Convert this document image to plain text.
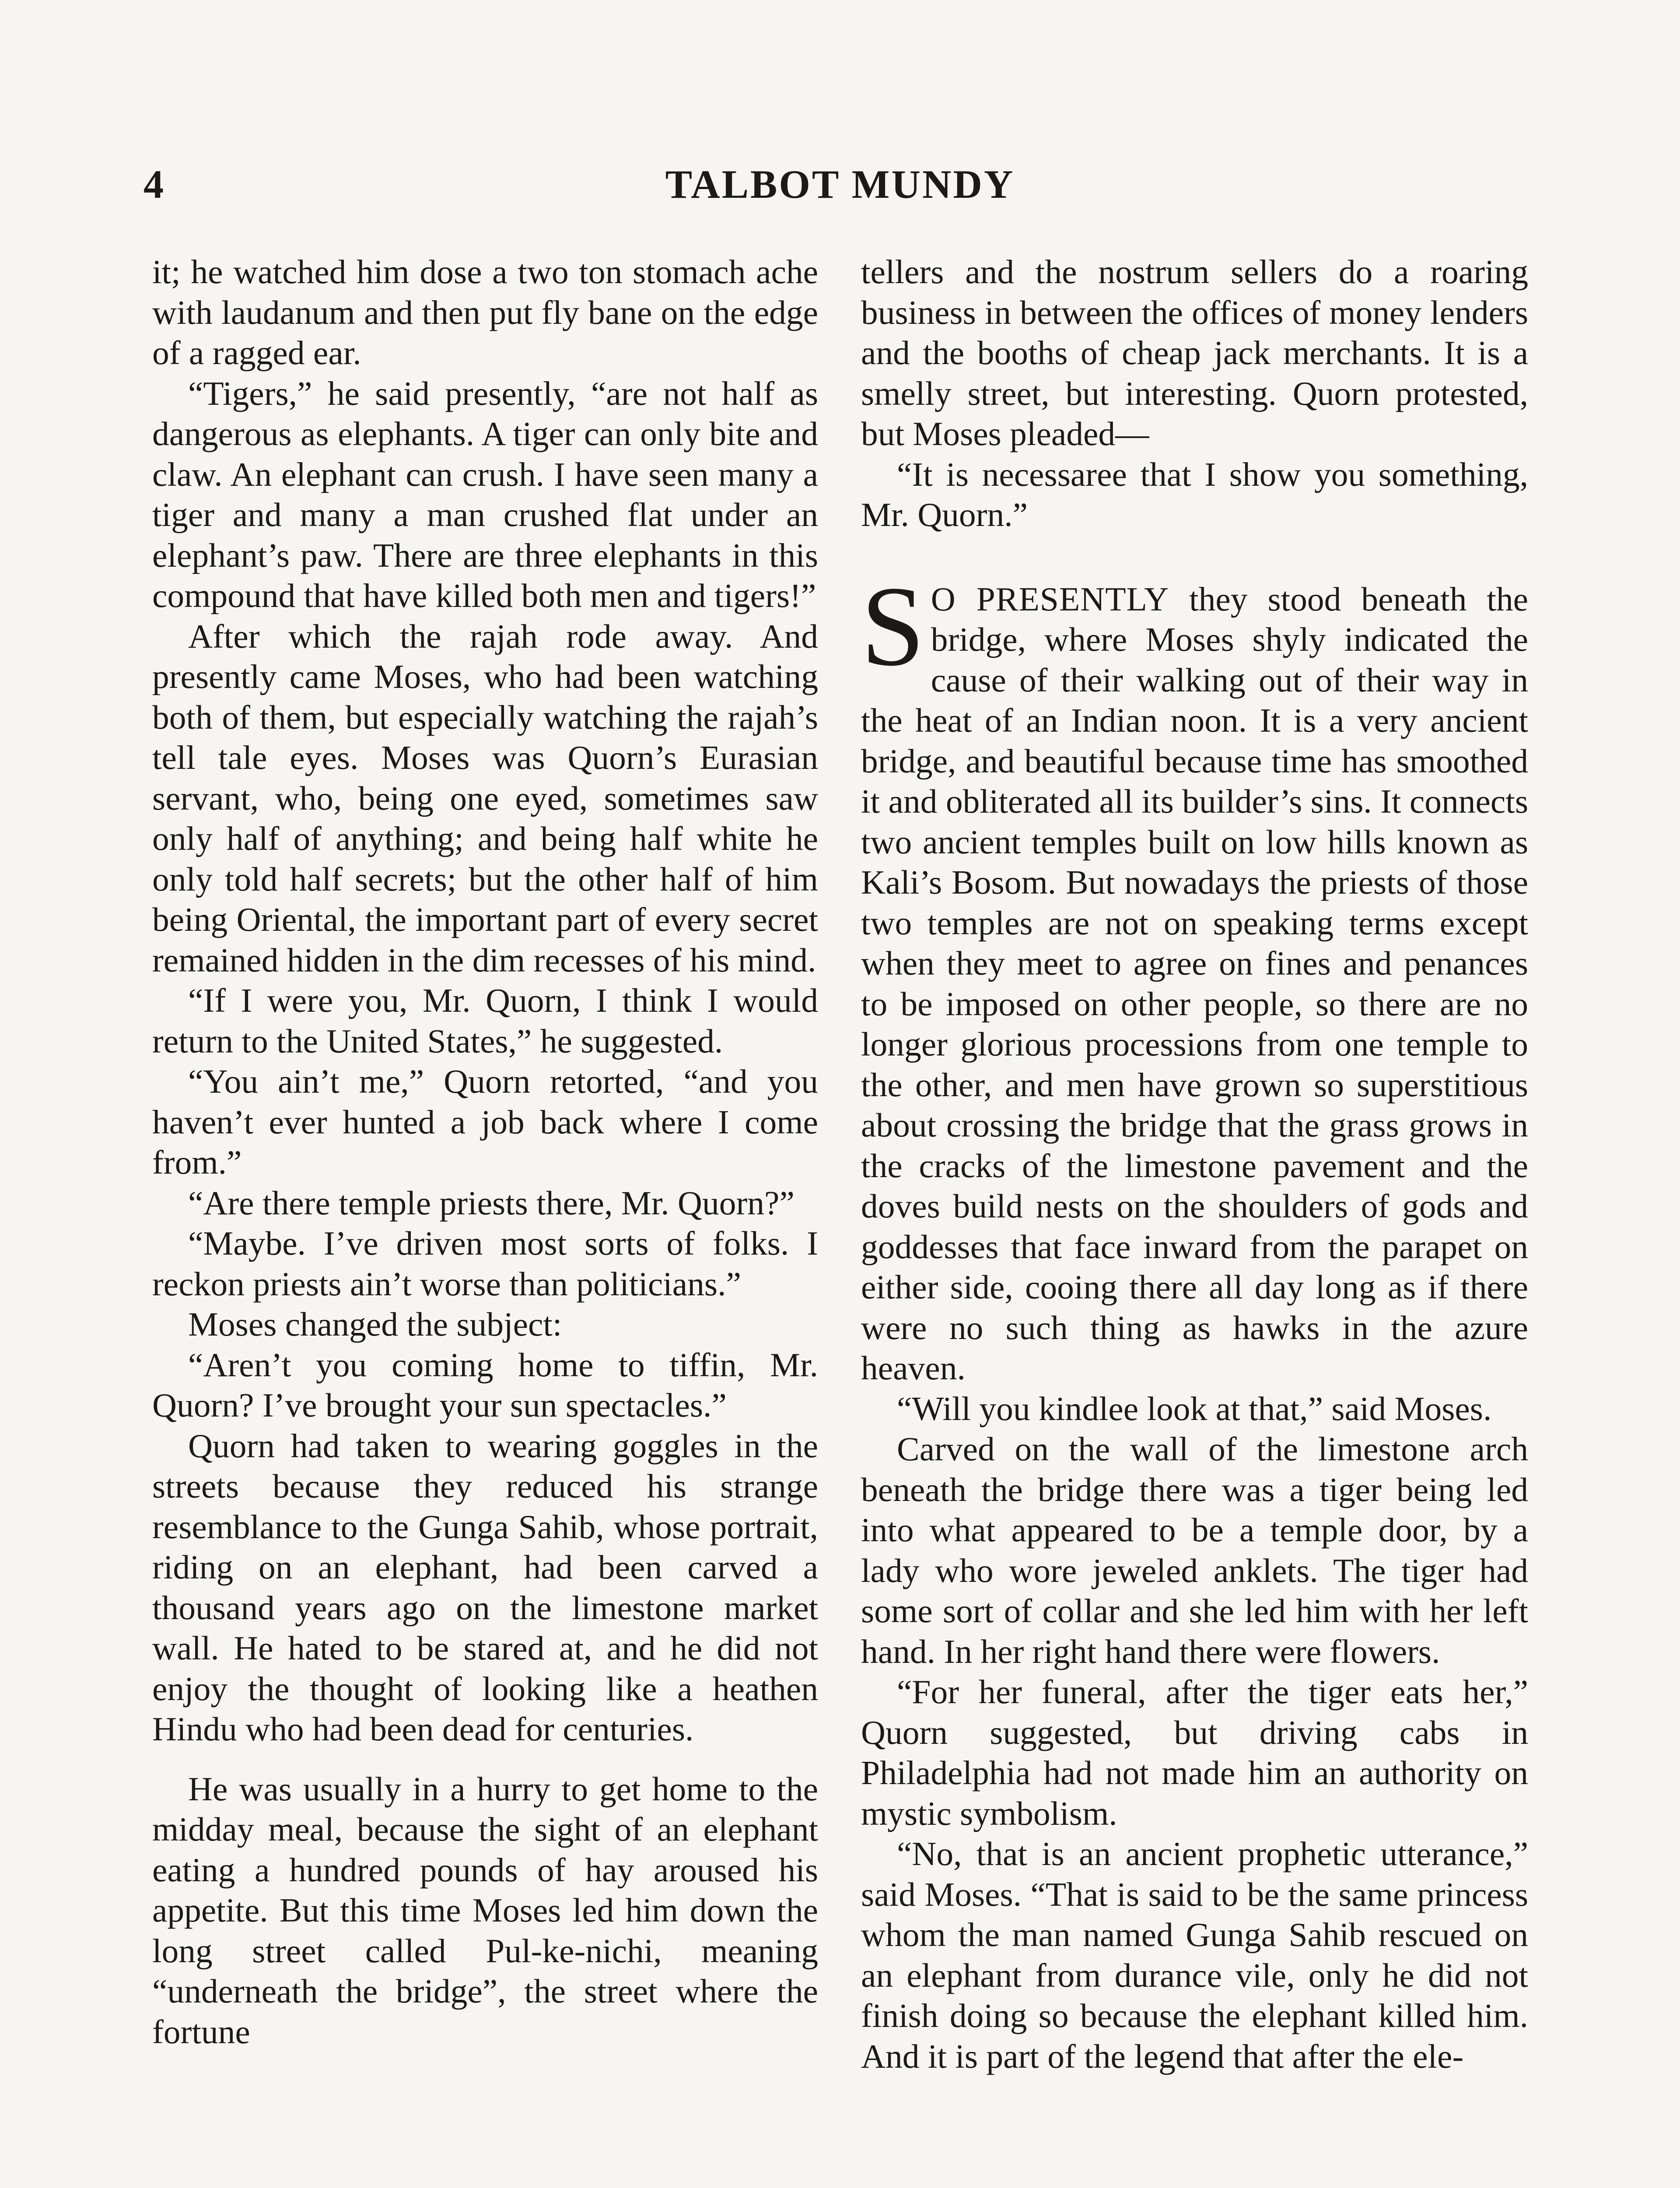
4	TALBOT MUNDY

it; he watched him dose a two ton stomach ache with laudanum and then put fly bane on the edge of a ragged ear.

“Tigers,” he said presently, “are not half as dangerous as elephants. A tiger can only bite and claw. An elephant can crush. I have seen many a tiger and many a man crushed flat under an elephant’s paw. There are three elephants in this compound that have killed both men and tigers!”

After which the rajah rode away. And presently came Moses, who had been watching both of them, but especially watching the rajah’s tell tale eyes. Moses was Quorn’s Eurasian servant, who, being one eyed, sometimes saw only half of anything; and being half white he only told half secrets; but the other half of him being Oriental, the important part of every secret remained hidden in the dim recesses of his mind.

“If I were you, Mr. Quorn, I think I would return to the United States,” he suggested.

“You ain’t me,” Quorn retorted, “and you haven’t ever hunted a job back where I come from.”

“Are there temple priests there, Mr. Quorn?”

“Maybe. I’ve driven most sorts of folks. I reckon priests ain’t worse than politicians.”

Moses changed the subject:

“Aren’t you coming home to tiffin, Mr. Quorn? I’ve brought your sun spectacles.”

Quorn had taken to wearing goggles in the streets because they reduced his strange resemblance to the Gunga Sahib, whose portrait, riding on an elephant, had been carved a thousand years ago on the limestone market wall. He hated to be stared at, and he did not enjoy the thought of looking like a heathen Hindu who had been dead for centuries.

He was usually in a hurry to get home to the midday meal, because the sight of an elephant eating a hundred pounds of hay aroused his appetite. But this time Moses led him down the long street called Pul-ke-nichi, meaning “underneath the bridge”, the street where the fortune

tellers and the nostrum sellers do a roaring business in between the offices of money lenders and the booths of cheap jack merchants. It is a smelly street, but interesting. Quorn protested, but Moses pleaded—

“It is necessaree that I show you something, Mr. Quorn.”

S O PRESENTLY they stood beneath the bridge, where Moses shyly indicated the cause of their walking out of their way in the heat of an Indian noon. It is a very ancient bridge, and beautiful because time has smoothed it and obliterated all its builder’s sins. It connects two ancient temples built on low hills known as Kali’s Bosom. But nowadays the priests of those two temples are not on speaking terms except when they meet to agree on fines and penances to be imposed on other people, so there are no longer glorious processions from one temple to the other, and men have grown so superstitious about crossing the bridge that the grass grows in the cracks of the limestone pavement and the doves build nests on the shoulders of gods and goddesses that face inward from the parapet on either side, cooing there all day long as if there were no such thing as hawks in the azure heaven.

“Will you kindlee look at that,” said Moses.

Carved on the wall of the limestone arch beneath the bridge there was a tiger being led into what appeared to be a temple door, by a lady who wore jeweled anklets. The tiger had some sort of collar and she led him with her left hand. In her right hand there were flowers.

“For her funeral, after the tiger eats her,” Quorn suggested, but driving cabs in Philadelphia had not made him an authority on mystic symbolism.

“No, that is an ancient prophetic utterance,” said Moses. “That is said to be the same princess whom the man named Gunga Sahib rescued on an elephant from durance vile, only he did not finish doing so because the elephant killed him. And it is part of the legend that after the ele-
